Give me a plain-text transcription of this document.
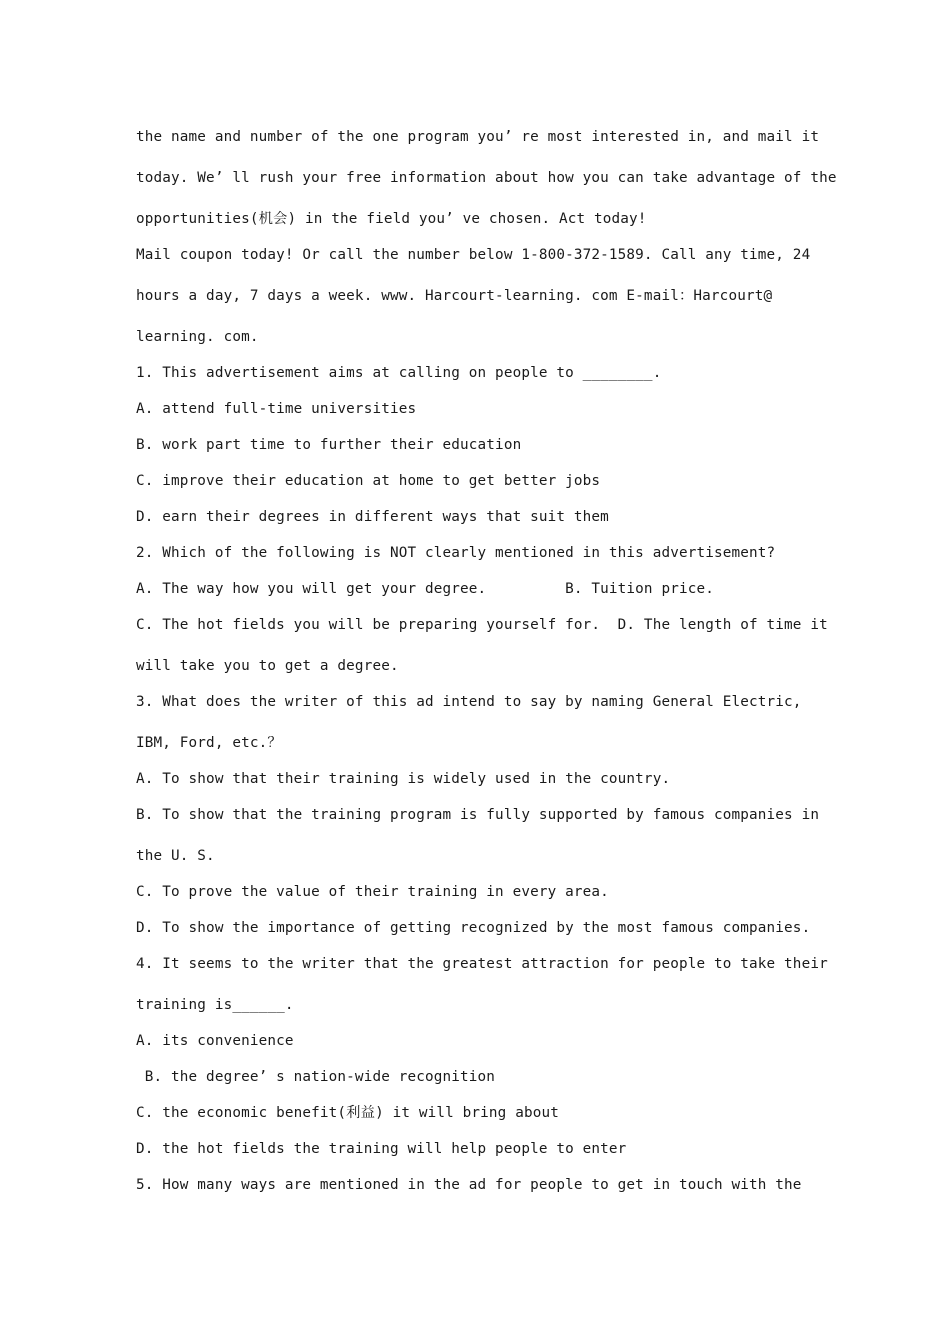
the name and number of the one program you’ re most interested in, and mail it
today. We’ ll rush your free information about how you can take advantage of the
opportunities(机会) in the field you’ ve chosen. Act today!
Mail coupon today! Or call the number below 1-800-372-1589. Call any time, 24
hours a day, 7 days a week. www. Harcourt-learning. com E-mail：Harcourt@
learning. com.
1. This advertisement aims at calling on people to ________.
A. attend full-time universities
B. work part time to further their education
C. improve their education at home to get better jobs
D. earn their degrees in different ways that suit them
2. Which of the following is NOT clearly mentioned in this advertisement?
A. The way how you will get your degree.         B. Tuition price.
C. The hot fields you will be preparing yourself for.  D. The length of time it
will take you to get a degree.
3. What does the writer of this ad intend to say by naming General Electric,
IBM, Ford, etc.？
A. To show that their training is widely used in the country.
B. To show that the training program is fully supported by famous companies in
the U. S.
C. To prove the value of their training in every area.
D. To show the importance of getting recognized by the most famous companies.
4. It seems to the writer that the greatest attraction for people to take their
training is______.
A. its convenience
B. the degree’ s nation-wide recognition
C. the economic benefit(利益) it will bring about
D. the hot fields the training will help people to enter
5. How many ways are mentioned in the ad for people to get in touch with the
